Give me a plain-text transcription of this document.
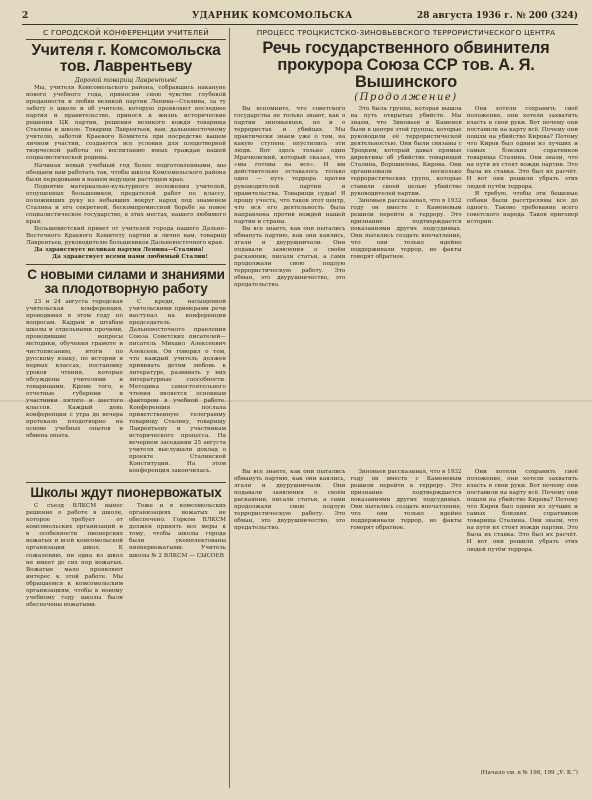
2	УДАРНИК КОМСОМОЛЬСКА	28 августа 1936 г. № 200 (324)
С ГОРОДСКОЙ КОНФЕРЕНЦИИ УЧИТЕЛЕЙ
Учителя г. Комсомольска тов. Лаврентьеву
Дорогой товарищ Лаврентьев!

Мы, учителя Комсомольского района, собравшись накануне нового учебного года, приносим свою чувство глубокой преданности и любви великой партии Ленина—Сталина, за ту заботу о школе и об учителе, которую проявляют последнее партия и правительство, принося к жизнь исторические решения ЦК партии, решения великого вождя товарища Сталина и школе. Товарищ Лаврентьев, вам, дальневосточному учителю, заботой Краевого Комитета при посредстве вашем личном участии, создаются все условия для плодотворной творческой работы по воспитанию юных граждан нашей социалистической родины.

Начиная новый учебный год более подготовленными, мы обещаем вам работать так, чтобы школа Комсомольского района были передовыми в нашем ведущем растущем крае.

Поднятие материально-культурного положения учителей, отпущенных большевиков, предателей работ по классу, положивших руку из небывших вокруг народ под знаменем Сталина и его секретной, бескомпромиссной борьбе за новое социалистическое государство, в этих местах, нашего любимого края.

Большевистский привет от учителей города нашего Дальне-Восточного Краевого Комитету партии и лично вам, товарищ Лаврентьев, руководителю большевиков Дальневосточного края.

Да здравствует великая партия Ленина—Сталина!

Да здравствует всеми нами любимый Сталин!

С новыми силами и знаниями за плодотворную работу

23 и 24 августа городская учительская конференция, проводимая в этом году по вопросам. Кадрам и штабам школы и отдельными прочими, проводившие вопросы методики, обучения грамоте и чистописанию, итоги по русскому языку, по истории и первых классах, постановку уроков чтения, которые обсуждены учителями и товарищами. Кроме того, в отчетные губернии и участники пятого и шестого классов. Каждый день конференции с утра до вечера протекало плодотворно на основе учебных опытов и обмена опыта.

С креди, насыщенной учительскими примерами речи выступал на конференции председатель Дальневосточного правления Союза Советских писателей—писатель Михаил Алексеевич Алексеев. Он говорил о том, что каждый учитель должен прививать детям любовь к литературе, развивать у них литературные способности. Методика самостоятельного чтения является основным фактором в учебной работе. Конференция послала приветственную телеграмму товарищу Сталину, товарищу Лаврентьеву и участникам исторического процесса. На вечернем заседании 25 августа учителя выслушали доклад о проекте Сталинской Конституции. На этом конференция закончилась.

Школы ждут пионервожатых

С съезд ВЛКСМ вынес решение о работе в школе, которое требует от комсомольских организаций и в особенности пионерских вожатых и всей комсомольской организации школ. К сожалению, ни одна из школ не имеет до сих пор вожатых. Вожатые мало проявляют интерес к этой работе. Мы обращаемся к комсомольским организациям, чтобы к новому учебному году школы были обеспечены вожатыми.

Тоже и в комсомольских организациях вожатых не обеспечено. Горком ВЛКСМ должен принять все меры к тому, чтобы школы города были укомплектованы пионервожатыми. Учитель школы № 2 ВЛКСМ — СЫСОЕВ

ПРОЦЕСС ТРОЦКИСТСКО-ЗИНОВЬЕВСКОГО ТЕРРОРИСТИЧЕСКОГО ЦЕНТРА
Речь государственного обвинителя прокурора Союза ССР тов. А. Я. Вышинского
(Продолжение)

Вы вспомните, что советского государства не только знают, как о партии зиновьевцев, но и о террористах и убийцах. Мы практически знаем уже о том, на какую ступень опустились эти люди. Вот здесь только один Мрачковский, который сказал, что «мы готовы на все». И им действительно оставалось только одно — путь террора против руководителей партии и правительства. Товарищи судьи! Я прошу учесть, что таков этот центр, что вся его деятельность была направлена против вождей нашей партии и страны.

Вы все знаете, как они пытались обмануть партию, как они каялись, лгали и двурушничали. Они подавали заявления о своём раскаянии, писали статьи, а сами продолжали свою подлую террористическую работу. Это обман, это двурушничество, это предательство.

Это была группа, которая вышла на путь открытых убийств. Мы знаем, что Зиновьев и Каменев были в центре этой группы, которые руководили её террористической деятельностью. Они были связаны с Троцким, который давал прямые директивы об убийстве товарищей Сталина, Ворошилова, Кирова. Они организовали несколько террористических групп, которые ставили своей целью убийство руководителей партии.

Зиновьев рассказывал, что в 1932 году он вместе с Каменевым решили перейти к террору. Это признание подтверждается показаниями других подсудимых. Они пытались создать впечатление, что они только идейно поддерживали террор, но факты говорят обратное.

Они хотели сохранить своё положение, они хотели захватить власть в свои руки. Вот почему они поставили на карту всё. Почему они пошли на убийство Кирова? Потому что Киров был одним из лучших и самых близких соратников товарища Сталина. Они знали, что на пути их стоят вожди партии. Это была их ставка. Это был их расчёт. И вот они решили убрать этих людей путём террора.

Я требую, чтобы эти бешеные собаки были расстреляны все до одного. Таково требование всего советского народа. Таков приговор истории.

Вы все знаете, как они пытались обмануть партию, как они каялись, лгали и двурушничали. Они подавали заявления о своём раскаянии, писали статьи, а сами продолжали свою подлую террористическую работу. Это обман, это двурушничество, это предательство.

Зиновьев рассказывал, что в 1932 году он вместе с Каменевым решили перейти к террору. Это признание подтверждается показаниями других подсудимых. Они пытались создать впечатление, что они только идейно поддерживали террор, но факты говорят обратное.

Они хотели сохранить своё положение, они хотели захватить власть в свои руки. Вот почему они поставили на карту всё. Почему они пошли на убийство Кирова? Потому что Киров был одним из лучших и самых близких соратников товарища Сталина. Они знали, что на пути их стоят вожди партии. Это была их ставка. Это был их расчёт. И вот они решили убрать этих людей путём террора.

(Начало см. в № 198, 199 „У. К.“)
